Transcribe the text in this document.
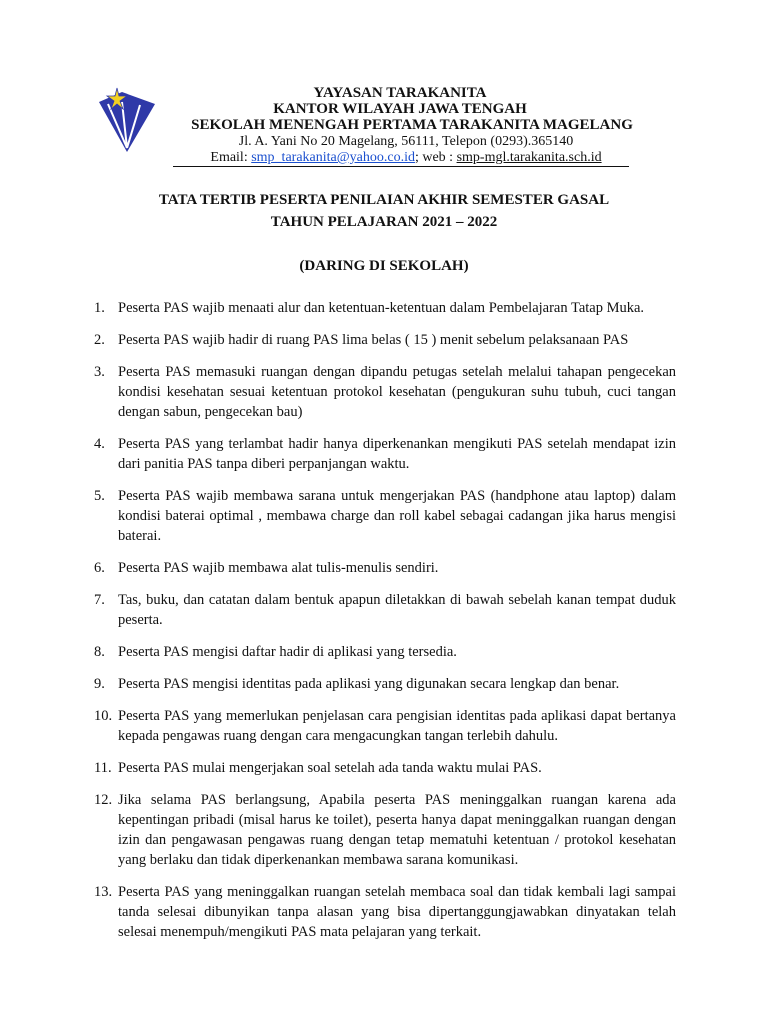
YAYASAN TARAKANITA
KANTOR WILAYAH JAWA TENGAH
SEKOLAH MENENGAH PERTAMA TARAKANITA MAGELANG
Jl. A. Yani No 20 Magelang, 56111, Telepon (0293).365140
Email: smp_tarakanita@yahoo.co.id; web : smp-mgl.tarakanita.sch.id
TATA TERTIB PESERTA PENILAIAN AKHIR SEMESTER GASAL
TAHUN PELAJARAN 2021 – 2022
(DARING DI SEKOLAH)
1. Peserta PAS wajib menaati alur dan ketentuan-ketentuan dalam Pembelajaran Tatap Muka.
2. Peserta PAS wajib hadir di ruang PAS lima belas ( 15 ) menit sebelum pelaksanaan PAS
3. Peserta PAS memasuki ruangan dengan dipandu petugas setelah melalui tahapan pengecekan kondisi kesehatan sesuai ketentuan protokol kesehatan (pengukuran suhu tubuh, cuci tangan dengan sabun, pengecekan bau)
4. Peserta PAS yang terlambat hadir hanya diperkenankan mengikuti PAS setelah mendapat izin dari panitia PAS tanpa diberi perpanjangan waktu.
5. Peserta PAS wajib membawa sarana untuk mengerjakan PAS (handphone atau laptop) dalam kondisi baterai optimal , membawa charge dan roll kabel sebagai cadangan jika harus mengisi baterai.
6. Peserta PAS wajib membawa alat tulis-menulis sendiri.
7. Tas, buku, dan catatan dalam bentuk apapun diletakkan di bawah sebelah kanan tempat duduk peserta.
8. Peserta PAS mengisi daftar hadir di aplikasi yang tersedia.
9. Peserta PAS mengisi identitas pada aplikasi yang digunakan secara lengkap dan benar.
10. Peserta PAS yang memerlukan penjelasan cara pengisian identitas pada aplikasi dapat bertanya kepada pengawas ruang dengan cara mengacungkan tangan terlebih dahulu.
11. Peserta PAS mulai mengerjakan soal setelah ada tanda waktu mulai PAS.
12. Jika selama PAS berlangsung, Apabila peserta PAS meninggalkan ruangan karena ada kepentingan pribadi (misal harus ke toilet), peserta hanya dapat meninggalkan ruangan dengan izin dan pengawasan pengawas ruang dengan tetap mematuhi ketentuan / protokol kesehatan yang berlaku dan tidak diperkenankan membawa sarana komunikasi.
13. Peserta PAS yang meninggalkan ruangan setelah membaca soal dan tidak kembali lagi sampai tanda selesai dibunyikan tanpa alasan yang bisa dipertanggungjawabkan dinyatakan telah selesai menempuh/mengikuti PAS mata pelajaran yang terkait.
